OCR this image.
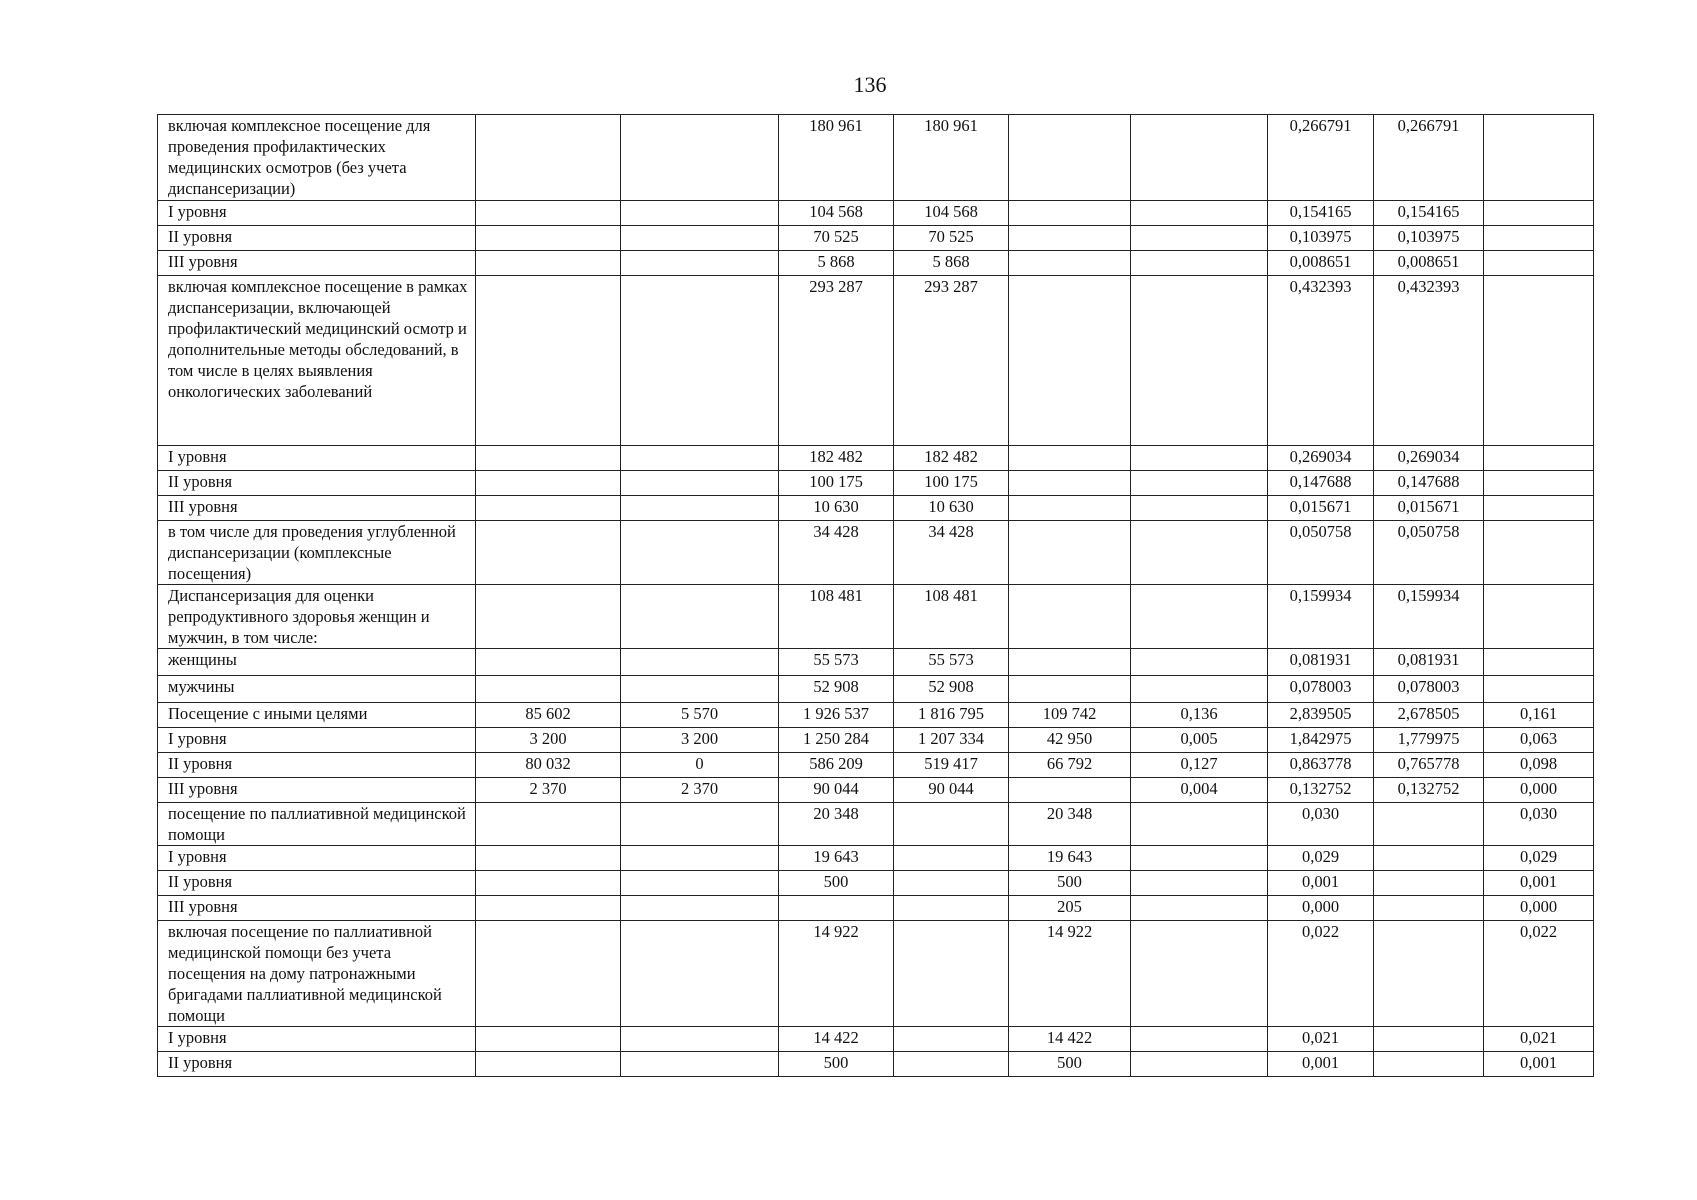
136
включая комплексное посещение для проведения профилактических медицинских осмотров (без учета диспансеризации)			180 961	180 961			0,266791	0,266791	
I уровня			104 568	104 568			0,154165	0,154165	
II уровня			70 525	70 525			0,103975	0,103975	
III уровня			5 868	5 868			0,008651	0,008651	
включая комплексное посещение в рамках диспансеризации, включающей профилактический медицинский осмотр и дополнительные методы обследований, в том числе в целях выявления онкологических заболеваний			293 287	293 287			0,432393	0,432393	
I уровня			182 482	182 482			0,269034	0,269034	
II уровня			100 175	100 175			0,147688	0,147688	
III уровня			10 630	10 630			0,015671	0,015671	
в том числе для проведения углубленной диспансеризации (комплексные посещения)			34 428	34 428			0,050758	0,050758	
Диспансеризация для оценки репродуктивного здоровья женщин и мужчин, в том числе:			108 481	108 481			0,159934	0,159934	
женщины			55 573	55 573			0,081931	0,081931	
мужчины			52 908	52 908			0,078003	0,078003	
Посещение с иными целями	85 602	5 570	1 926 537	1 816 795	109 742	0,136	2,839505	2,678505	0,161
I уровня	3 200	3 200	1 250 284	1 207 334	42 950	0,005	1,842975	1,779975	0,063
II уровня	80 032	0	586 209	519 417	66 792	0,127	0,863778	0,765778	0,098
III уровня	2 370	2 370	90 044	90 044		0,004	0,132752	0,132752	0,000
посещение по паллиативной медицинской помощи			20 348		20 348		0,030		0,030
I уровня			19 643		19 643		0,029		0,029
II уровня			500		500		0,001		0,001
III уровня					205		0,000		0,000
включая посещение по паллиативной медицинской помощи без учета посещения на дому патронажными бригадами паллиативной медицинской помощи			14 922		14 922		0,022		0,022
I уровня			14 422		14 422		0,021		0,021
II уровня			500		500		0,001		0,001
